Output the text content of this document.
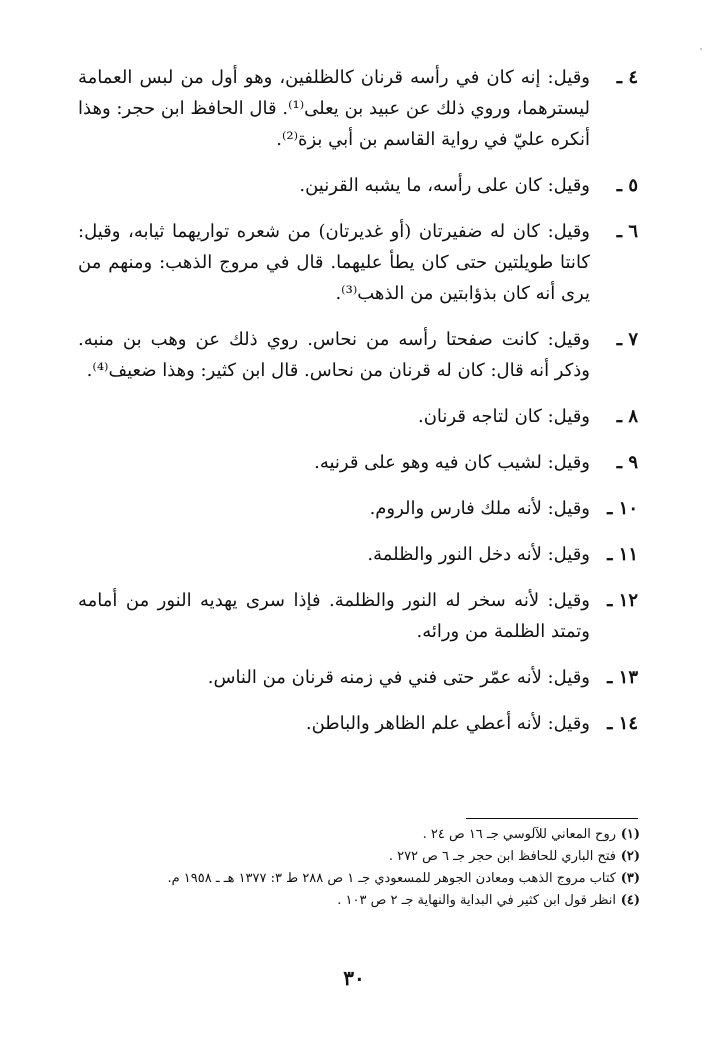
٤ ـ
وقيل: إنه كان في رأسه قرنان كالظلفين، وهو أول من لبس العمامة ليسترهما، وروي ذلك عن عبيد بن يعلى⁽¹⁾. قال الحافظ ابن حجر: وهذا أنكره عليّ في رواية القاسم بن أبي بزة⁽²⁾.
٥ ـ
وقيل: كان على رأسه، ما يشبه القرنين.
٦ ـ
وقيل: كان له ضفيرتان (أو غديرتان) من شعره تواريهما ثيابه، وقيل: كانتا طويلتين حتى كان يطأ عليهما. قال في مروج الذهب: ومنهم من يرى أنه كان بذؤابتين من الذهب⁽³⁾.
٧ ـ
وقيل: كانت صفحتا رأسه من نحاس. روي ذلك عن وهب بن منبه. وذكر أنه قال: كان له قرنان من نحاس. قال ابن كثير: وهذا ضعيف⁽⁴⁾.
٨ ـ
وقيل: كان لتاجه قرنان.
٩ ـ
وقيل: لشيب كان فيه وهو على قرنيه.
١٠ ـ
وقيل: لأنه ملك فارس والروم.
١١ ـ
وقيل: لأنه دخل النور والظلمة.
١٢ ـ
وقيل: لأنه سخر له النور والظلمة. فإذا سرى يهديه النور من أمامه وتمتد الظلمة من ورائه.
١٣ ـ
وقيل: لأنه عمّر حتى فني في زمنه قرنان من الناس.
١٤ ـ
وقيل: لأنه أعطي علم الظاهر والباطن.
(١)
روح المعاني للآلوسي جـ ١٦ ص ٢٤ .
(٢)
فتح الباري للحافظ ابن حجر جـ ٦ ص ٢٧٢ .
(٣)
كتاب مروج الذهب ومعادن الجوهر للمسعودي جـ ١ ص ٢٨٨ ط ٣: ١٣٧٧ هـ ـ ١٩٥٨ م.
(٤)
انظر قول ابن كثير في البداية والنهاية جـ ٢ ص ١٠٣ .
٣٠
